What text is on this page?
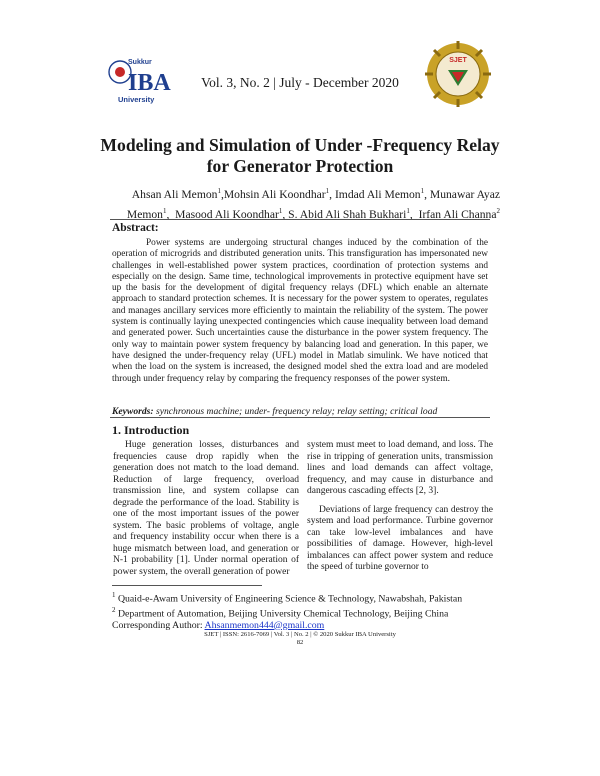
Sukkur
IBA
University
Vol. 3, No. 2 | July - December 2020
SJET
Modeling and Simulation of Under -Frequency Relay
for Generator Protection
Ahsan Ali Memon$^1$,Mohsin Ali Koondhar$^1$, Imdad Ali Memon$^1$, Munawar Ayaz
Memon$^1$,  Masood Ali Koondhar$^1$, S. Abid Ali Shah Bukhari$^1$,  Irfan Ali Channa$^2$
Abstract:
Power systems are undergoing structural changes induced by the combination of the operation of microgrids and distributed generation units. This transfiguration has impersonated new challenges in well-established power system practices, coordination of protection systems and especially on the design. Same time, technological improvements in protective equipment have set up the basis for the development of digital frequency relays (DFL) which enable an alternate approach to standard protection schemes. It is necessary for the power system to operates, regulates and manages ancillary services more efficiently to maintain the reliability of the system. The power system is continually laying unexpected contingencies which cause inequality between load demand and generated power. Such uncertainties cause the disturbance in the power system frequency. The only way to maintain power system frequency by balancing load and generation. In this paper, we have designed the under-frequency relay (UFL) model in Matlab simulink. We have noticed that when the load on the system is increased, the designed model shed the extra load and are modeled through under frequency relay by comparing the frequency responses of the power system.
Keywords: synchronous machine; under- frequency relay; relay setting; critical load
1. Introduction

Huge generation losses, disturbances and frequencies cause drop rapidly when the generation does not match to the load demand. Reduction of large frequency, overload transmission line, and system collapse can degrade the performance of the load. Stability is one of the most important issues of the power system. The basic problems of voltage, angle and frequency instability occur when there is a huge mismatch between load, and generation or N-1 probability [1]. Under normal operation of power system, the overall generation of power

system must meet to load demand, and loss. The rise in tripping of generation units, transmission lines and load demands can affect voltage, frequency, and may cause in disturbance and dangerous cascading effects [2, 3].

Deviations of large frequency can destroy the system and load performance. Turbine governor can take low-level imbalances and have possibilities of damage. However, high-level imbalances can affect power system and reduce the speed of turbine governor to

$^1$ Quaid-e-Awam University of Engineering Science & Technology, Nawabshah, Pakistan
$^2$ Department of Automation, Beijing University Chemical Technology, Beijing China
Corresponding Author: Ahsanmemon444@gmail.com
SJET | ISSN: 2616-7069 | Vol. 3 | No. 2 | © 2020 Sukkur IBA University
82
